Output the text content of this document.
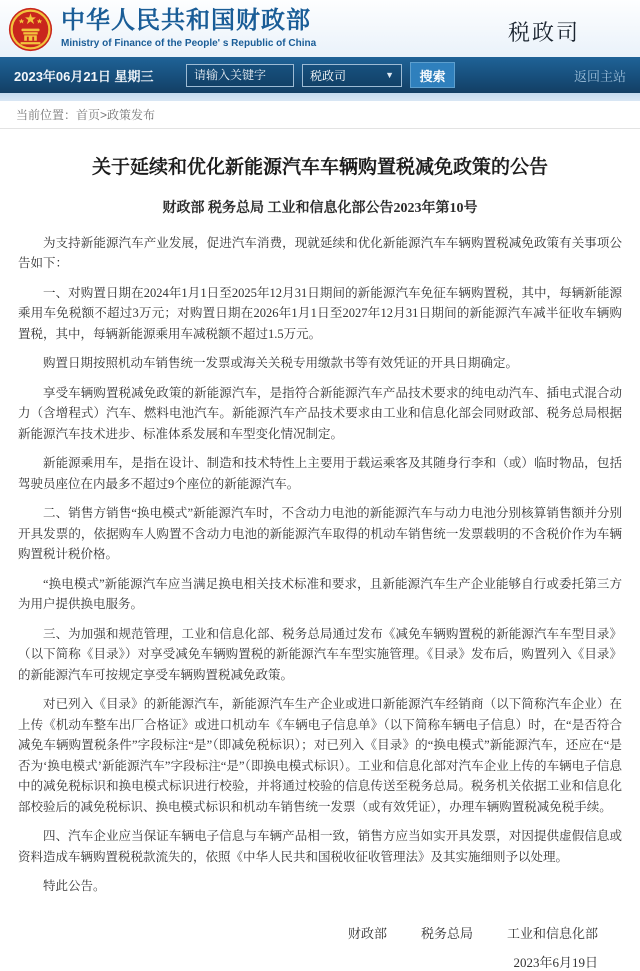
中华人民共和国财政部
Ministry of Finance of the People' s Republic of China	税政司
2023年06月21日 星期三
请输入关键字	税政司	▼	搜索	返回主站
当前位置：首页>政策发布
关于延续和优化新能源汽车车辆购置税减免政策的公告
财政部 税务总局 工业和信息化部公告2023年第10号

为支持新能源汽车产业发展，促进汽车消费，现就延续和优化新能源汽车车辆购置税减免政策有关事项公告如下：

一、对购置日期在2024年1月1日至2025年12月31日期间的新能源汽车免征车辆购置税，其中，每辆新能源乘用车免税额不超过3万元；对购置日期在2026年1月1日至2027年12月31日期间的新能源汽车减半征收车辆购置税，其中，每辆新能源乘用车减税额不超过1.5万元。

购置日期按照机动车销售统一发票或海关关税专用缴款书等有效凭证的开具日期确定。

享受车辆购置税减免政策的新能源汽车，是指符合新能源汽车产品技术要求的纯电动汽车、插电式混合动力（含增程式）汽车、燃料电池汽车。新能源汽车产品技术要求由工业和信息化部会同财政部、税务总局根据新能源汽车技术进步、标准体系发展和车型变化情况制定。

新能源乘用车，是指在设计、制造和技术特性上主要用于载运乘客及其随身行李和（或）临时物品，包括驾驶员座位在内最多不超过9个座位的新能源汽车。

二、销售方销售“换电模式”新能源汽车时，不含动力电池的新能源汽车与动力电池分别核算销售额并分别开具发票的，依据购车人购置不含动力电池的新能源汽车取得的机动车销售统一发票载明的不含税价作为车辆购置税计税价格。

“换电模式”新能源汽车应当满足换电相关技术标准和要求，且新能源汽车生产企业能够自行或委托第三方为用户提供换电服务。

三、为加强和规范管理，工业和信息化部、税务总局通过发布《减免车辆购置税的新能源汽车车型目录》（以下简称《目录》）对享受减免车辆购置税的新能源汽车车型实施管理。《目录》发布后，购置列入《目录》的新能源汽车可按规定享受车辆购置税减免政策。

对已列入《目录》的新能源汽车，新能源汽车生产企业或进口新能源汽车经销商（以下简称汽车企业）在上传《机动车整车出厂合格证》或进口机动车《车辆电子信息单》（以下简称车辆电子信息）时，在“是否符合减免车辆购置税条件”字段标注“是”（即减免税标识）；对已列入《目录》的“换电模式”新能源汽车，还应在“是否为‘换电模式’新能源汽车”字段标注“是”（即换电模式标识）。工业和信息化部对汽车企业上传的车辆电子信息中的减免税标识和换电模式标识进行校验，并将通过校验的信息传送至税务总局。税务机关依据工业和信息化部校验后的减免税标识、换电模式标识和机动车销售统一发票（或有效凭证），办理车辆购置税减免税手续。

四、汽车企业应当保证车辆电子信息与车辆产品相一致，销售方应当如实开具发票，对因提供虚假信息或资料造成车辆购置税税款流失的，依照《中华人民共和国税收征收管理法》及其实施细则予以处理。

特此公告。

财政部	税务总局	工业和信息化部
2023年6月19日
